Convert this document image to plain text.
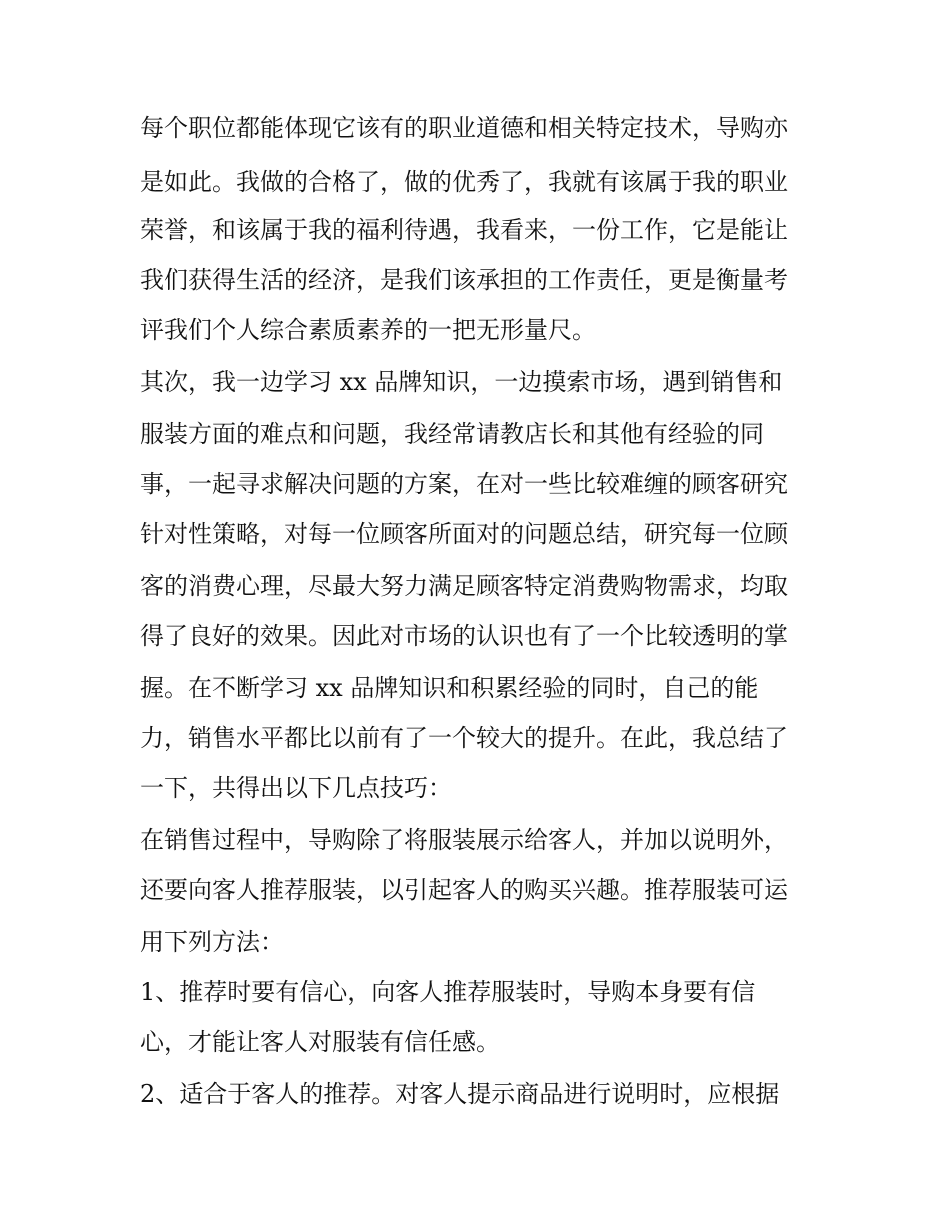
每个职位都能体现它该有的职业道德和相关特定技术，导购亦

是如此。我做的合格了，做的优秀了，我就有该属于我的职业

荣誉，和该属于我的福利待遇，我看来，一份工作，它是能让

我们获得生活的经济，是我们该承担的工作责任，更是衡量考

评我们个人综合素质素养的一把无形量尺。

其次，我一边学习 xx 品牌知识，一边摸索市场，遇到销售和

服装方面的难点和问题，我经常请教店长和其他有经验的同

事，一起寻求解决问题的方案，在对一些比较难缠的顾客研究

针对性策略，对每一位顾客所面对的问题总结，研究每一位顾

客的消费心理，尽最大努力满足顾客特定消费购物需求，均取

得了良好的效果。因此对市场的认识也有了一个比较透明的掌

握。在不断学习 xx 品牌知识和积累经验的同时，自己的能

力，销售水平都比以前有了一个较大的提升。在此，我总结了

一下，共得出以下几点技巧：

在销售过程中，导购除了将服装展示给客人，并加以说明外，

还要向客人推荐服装，以引起客人的购买兴趣。推荐服装可运

用下列方法：

1、推荐时要有信心，向客人推荐服装时，导购本身要有信

心，才能让客人对服装有信任感。

2、适合于客人的推荐。对客人提示商品进行说明时，应根据
